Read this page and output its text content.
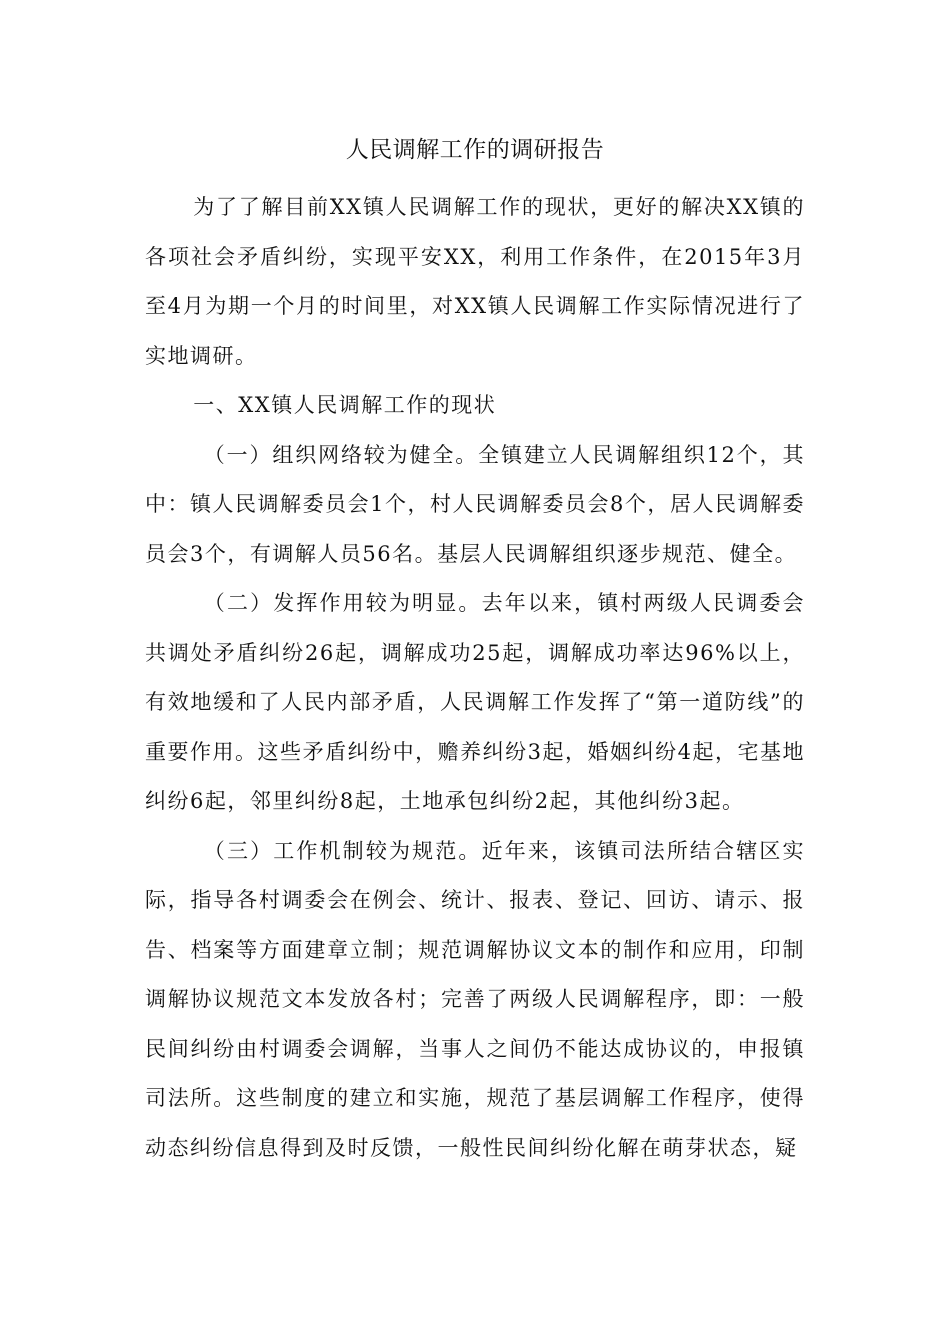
人民调解工作的调研报告

为了了解目前XX镇人民调解工作的现状，更好的解决XX镇的各项社会矛盾纠纷，实现平安XX，利用工作条件，在2015年3月至4月为期一个月的时间里，对XX镇人民调解工作实际情况进行了实地调研。

一、XX镇人民调解工作的现状

（一）组织网络较为健全。全镇建立人民调解组织12个，其中：镇人民调解委员会1个，村人民调解委员会8个，居人民调解委员会3个，有调解人员56名。基层人民调解组织逐步规范、健全。

（二）发挥作用较为明显。去年以来，镇村两级人民调委会共调处矛盾纠纷26起，调解成功25起，调解成功率达96%以上，有效地缓和了人民内部矛盾，人民调解工作发挥了“第一道防线”的重要作用。这些矛盾纠纷中，赡养纠纷3起，婚姻纠纷4起，宅基地纠纷6起，邻里纠纷8起，土地承包纠纷2起，其他纠纷3起。

（三）工作机制较为规范。近年来，该镇司法所结合辖区实际，指导各村调委会在例会、统计、报表、登记、回访、请示、报告、档案等方面建章立制；规范调解协议文本的制作和应用，印制调解协议规范文本发放各村；完善了两级人民调解程序，即：一般民间纠纷由村调委会调解，当事人之间仍不能达成协议的，申报镇司法所。这些制度的建立和实施，规范了基层调解工作程序，使得动态纠纷信息得到及时反馈，一般性民间纠纷化解在萌芽状态，疑
